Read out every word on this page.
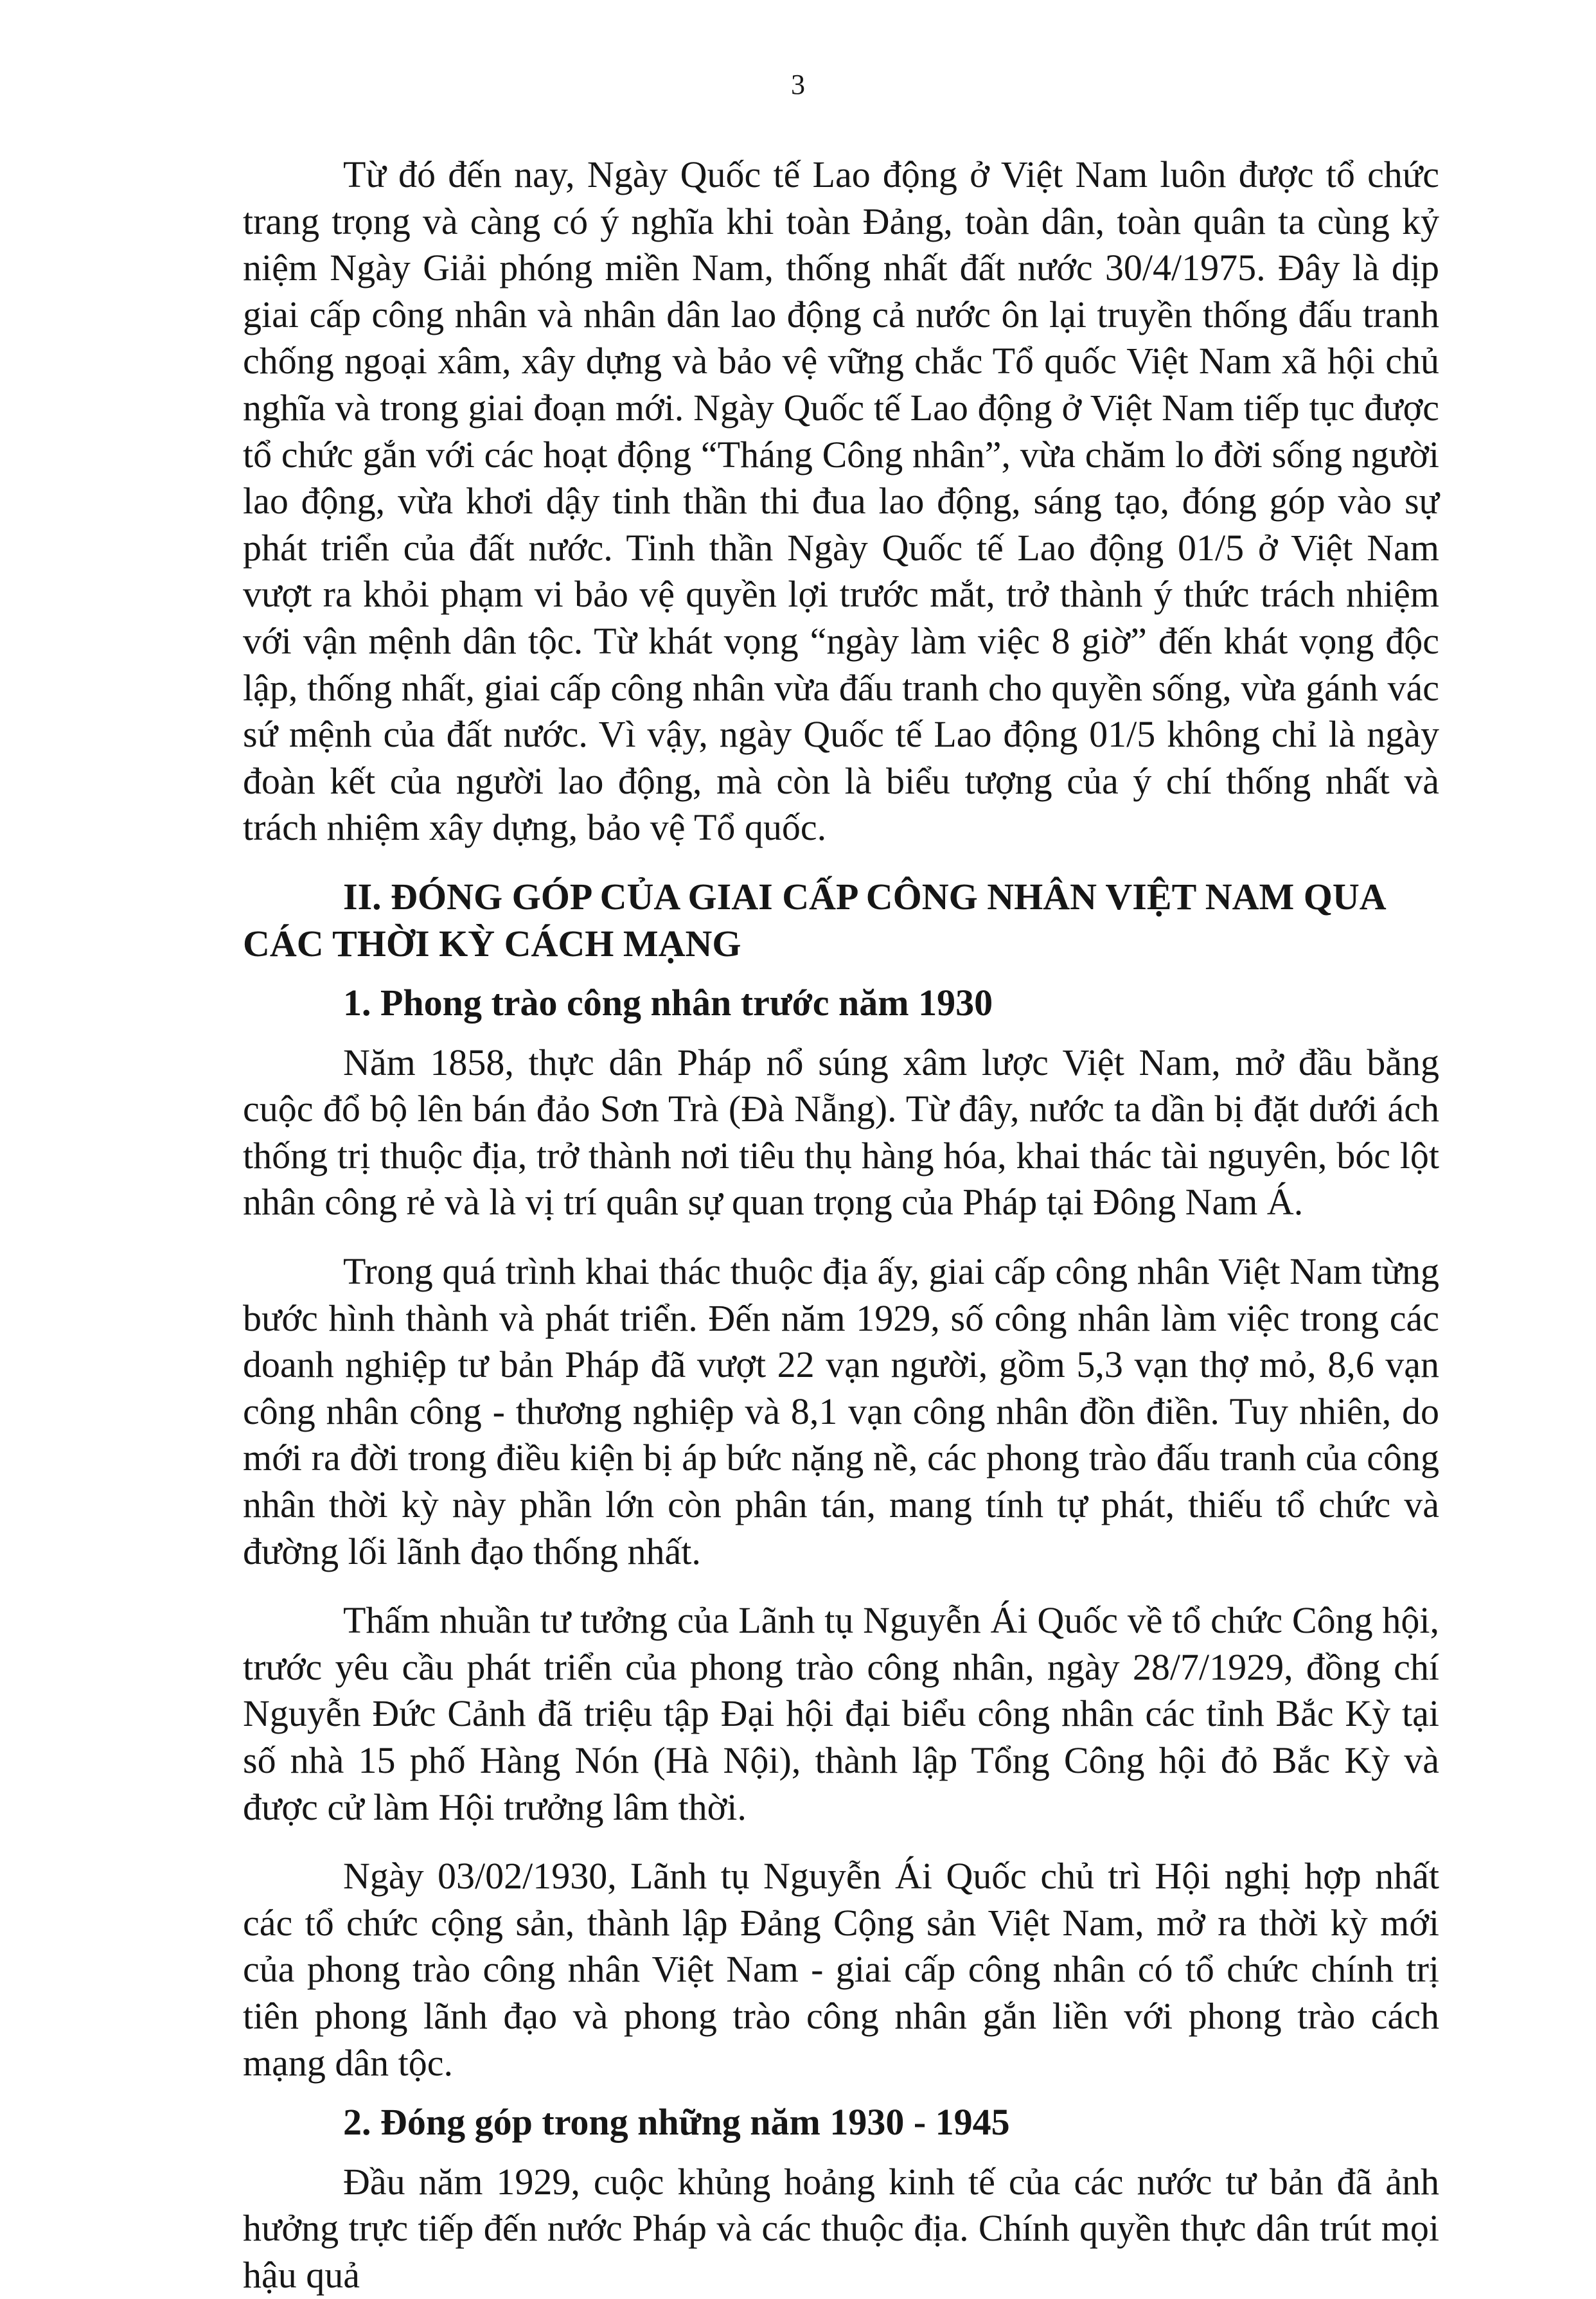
3

Từ đó đến nay, Ngày Quốc tế Lao động ở Việt Nam luôn được tổ chức trang trọng và càng có ý nghĩa khi toàn Đảng, toàn dân, toàn quân ta cùng kỷ niệm Ngày Giải phóng miền Nam, thống nhất đất nước 30/4/1975. Đây là dịp giai cấp công nhân và nhân dân lao động cả nước ôn lại truyền thống đấu tranh chống ngoại xâm, xây dựng và bảo vệ vững chắc Tổ quốc Việt Nam xã hội chủ nghĩa và trong giai đoạn mới. Ngày Quốc tế Lao động ở Việt Nam tiếp tục được tổ chức gắn với các hoạt động “Tháng Công nhân”, vừa chăm lo đời sống người lao động, vừa khơi dậy tinh thần thi đua lao động, sáng tạo, đóng góp vào sự phát triển của đất nước. Tinh thần Ngày Quốc tế Lao động 01/5 ở Việt Nam vượt ra khỏi phạm vi bảo vệ quyền lợi trước mắt, trở thành ý thức trách nhiệm với vận mệnh dân tộc. Từ khát vọng “ngày làm việc 8 giờ” đến khát vọng độc lập, thống nhất, giai cấp công nhân vừa đấu tranh cho quyền sống, vừa gánh vác sứ mệnh của đất nước. Vì vậy, ngày Quốc tế Lao động 01/5 không chỉ là ngày đoàn kết của người lao động, mà còn là biểu tượng của ý chí thống nhất và trách nhiệm xây dựng, bảo vệ Tổ quốc.

II. ĐÓNG GÓP CỦA GIAI CẤP CÔNG NHÂN VIỆT NAM QUA CÁC THỜI KỲ CÁCH MẠNG

1. Phong trào công nhân trước năm 1930

Năm 1858, thực dân Pháp nổ súng xâm lược Việt Nam, mở đầu bằng cuộc đổ bộ lên bán đảo Sơn Trà (Đà Nẵng). Từ đây, nước ta dần bị đặt dưới ách thống trị thuộc địa, trở thành nơi tiêu thụ hàng hóa, khai thác tài nguyên, bóc lột nhân công rẻ và là vị trí quân sự quan trọng của Pháp tại Đông Nam Á.

Trong quá trình khai thác thuộc địa ấy, giai cấp công nhân Việt Nam từng bước hình thành và phát triển. Đến năm 1929, số công nhân làm việc trong các doanh nghiệp tư bản Pháp đã vượt 22 vạn người, gồm 5,3 vạn thợ mỏ, 8,6 vạn công nhân công - thương nghiệp và 8,1 vạn công nhân đồn điền. Tuy nhiên, do mới ra đời trong điều kiện bị áp bức nặng nề, các phong trào đấu tranh của công nhân thời kỳ này phần lớn còn phân tán, mang tính tự phát, thiếu tổ chức và đường lối lãnh đạo thống nhất.

Thấm nhuần tư tưởng của Lãnh tụ Nguyễn Ái Quốc về tổ chức Công hội, trước yêu cầu phát triển của phong trào công nhân, ngày 28/7/1929, đồng chí Nguyễn Đức Cảnh đã triệu tập Đại hội đại biểu công nhân các tỉnh Bắc Kỳ tại số nhà 15 phố Hàng Nón (Hà Nội), thành lập Tổng Công hội đỏ Bắc Kỳ và được cử làm Hội trưởng lâm thời.

Ngày 03/02/1930, Lãnh tụ Nguyễn Ái Quốc chủ trì Hội nghị hợp nhất các tổ chức cộng sản, thành lập Đảng Cộng sản Việt Nam, mở ra thời kỳ mới của phong trào công nhân Việt Nam - giai cấp công nhân có tổ chức chính trị tiên phong lãnh đạo và phong trào công nhân gắn liền với phong trào cách mạng dân tộc.

2. Đóng góp trong những năm 1930 - 1945

Đầu năm 1929, cuộc khủng hoảng kinh tế của các nước tư bản đã ảnh hưởng trực tiếp đến nước Pháp và các thuộc địa. Chính quyền thực dân trút mọi hậu quả
